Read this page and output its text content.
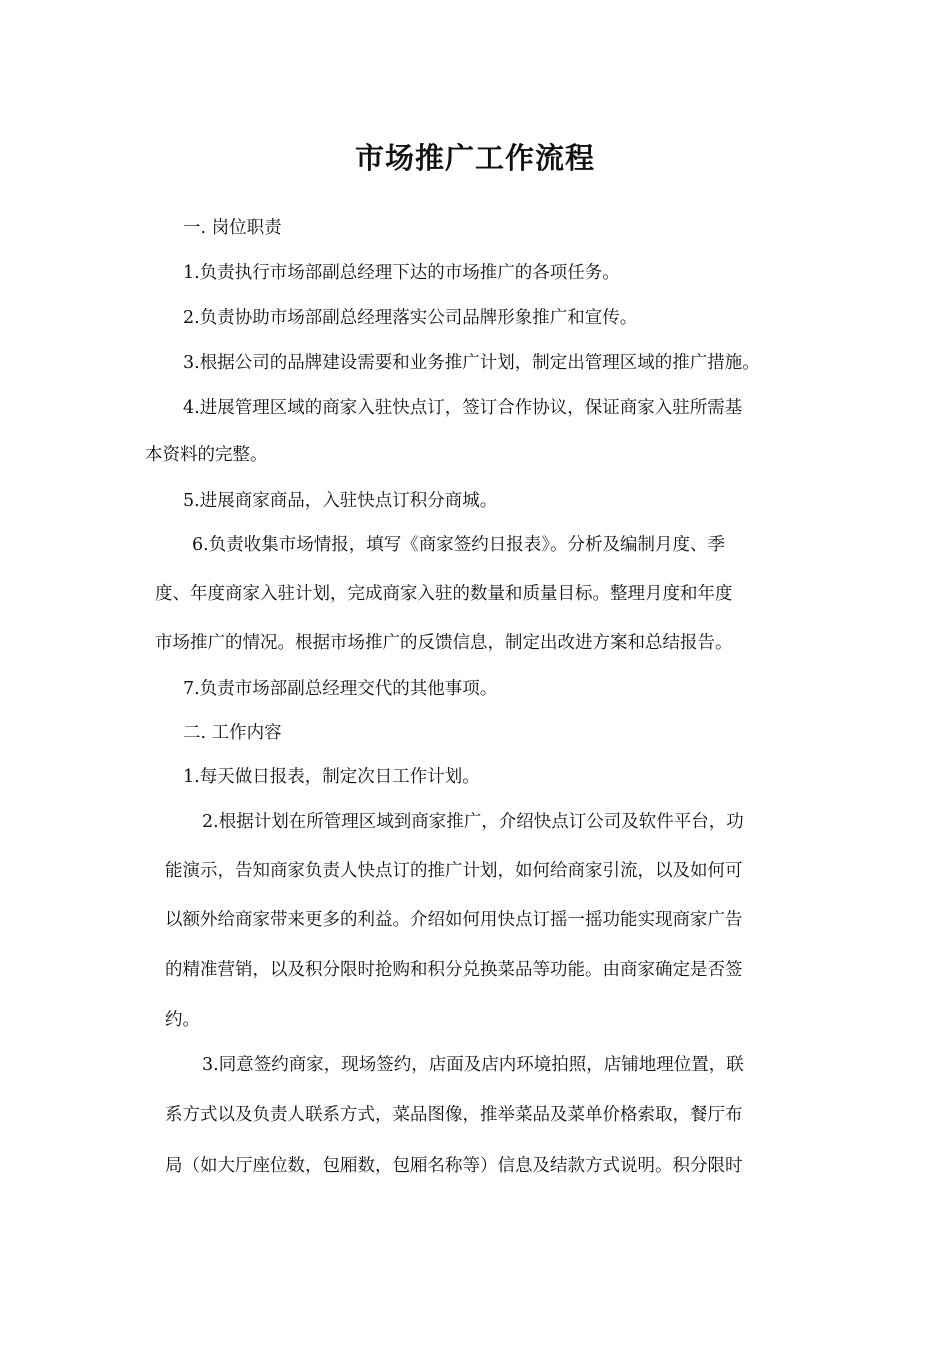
市场推广工作流程
一. 岗位职责
1.负责执行市场部副总经理下达的市场推广的各项任务。
2.负责协助市场部副总经理落实公司品牌形象推广和宣传。
3.根据公司的品牌建设需要和业务推广计划，制定出管理区域的推广措施。
4.进展管理区域的商家入驻快点订，签订合作协议，保证商家入驻所需基
本资料的完整。
5.进展商家商品，入驻快点订积分商城。
6.负责收集市场情报，填写《商家签约日报表》。分析及编制月度、季
度、年度商家入驻计划，完成商家入驻的数量和质量目标。整理月度和年度
市场推广的情况。根据市场推广的反馈信息，制定出改进方案和总结报告。
7.负责市场部副总经理交代的其他事项。
二. 工作内容
1.每天做日报表，制定次日工作计划。
2.根据计划在所管理区域到商家推广，介绍快点订公司及软件平台，功
能演示，告知商家负责人快点订的推广计划，如何给商家引流，以及如何可
以额外给商家带来更多的利益。介绍如何用快点订摇一摇功能实现商家广告
的精准营销，以及积分限时抢购和积分兑换菜品等功能。由商家确定是否签
约。
3.同意签约商家，现场签约，店面及店内环境拍照，店铺地理位置，联
系方式以及负责人联系方式，菜品图像，推举菜品及菜单价格索取，餐厅布
局（如大厅座位数，包厢数，包厢名称等）信息及结款方式说明。积分限时
